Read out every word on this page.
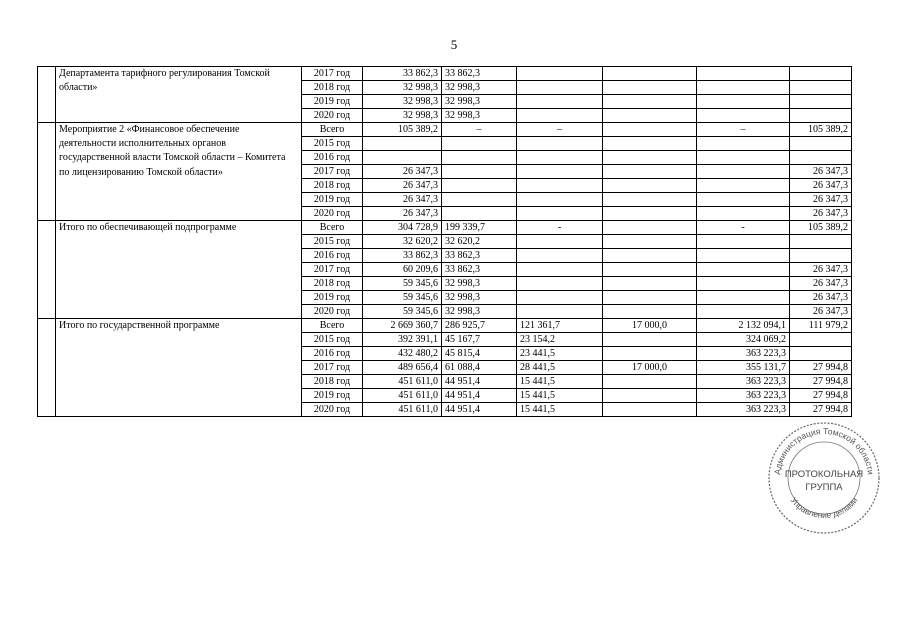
5
	Департамента тарифного регулирования Томской области»	2017 год	33 862,3	33 862,3				
		2018 год	32 998,3	32 998,3				
		2019 год	32 998,3	32 998,3				
		2020 год	32 998,3	32 998,3				
	Мероприятие 2 «Финансовое обеспечение деятельности исполнительных органов государственной власти Томской области – Комитета по лицензированию Томской области»	Всего	105 389,2	–	–		–	105 389,2
		2015 год						
		2016 год						
		2017 год	26 347,3					26 347,3
		2018 год	26 347,3					26 347,3
		2019 год	26 347,3					26 347,3
		2020 год	26 347,3					26 347,3
	Итого по обеспечивающей подпрограмме	Всего	304 728,9	199 339,7	-		-	105 389,2
		2015 год	32 620,2	32 620,2				
		2016 год	33 862,3	33 862,3				
		2017 год	60 209,6	33 862,3				26 347,3
		2018 год	59 345,6	32 998,3				26 347,3
		2019 год	59 345,6	32 998,3				26 347,3
		2020 год	59 345,6	32 998,3				26 347,3
	Итого по государственной программе	Всего	2 669 360,7	286 925,7	121 361,7	17 000,0	2 132 094,1	111 979,2
		2015 год	392 391,1	45 167,7	23 154,2		324 069,2	
		2016 год	432 480,2	45 815,4	23 441,5		363 223,3	
		2017 год	489 656,4	61 088,4	28 441,5	17 000,0	355 131,7	27 994,8
		2018 год	451 611,0	44 951,4	15 441,5		363 223,3	27 994,8
		2019 год	451 611,0	44 951,4	15 441,5		363 223,3	27 994,8
		2020 год	451 611,0	44 951,4	15 441,5		363 223,3	27 994,8
Администрация Томской области
Управление делами
ПРОТОКОЛЬНАЯ
ГРУППА
